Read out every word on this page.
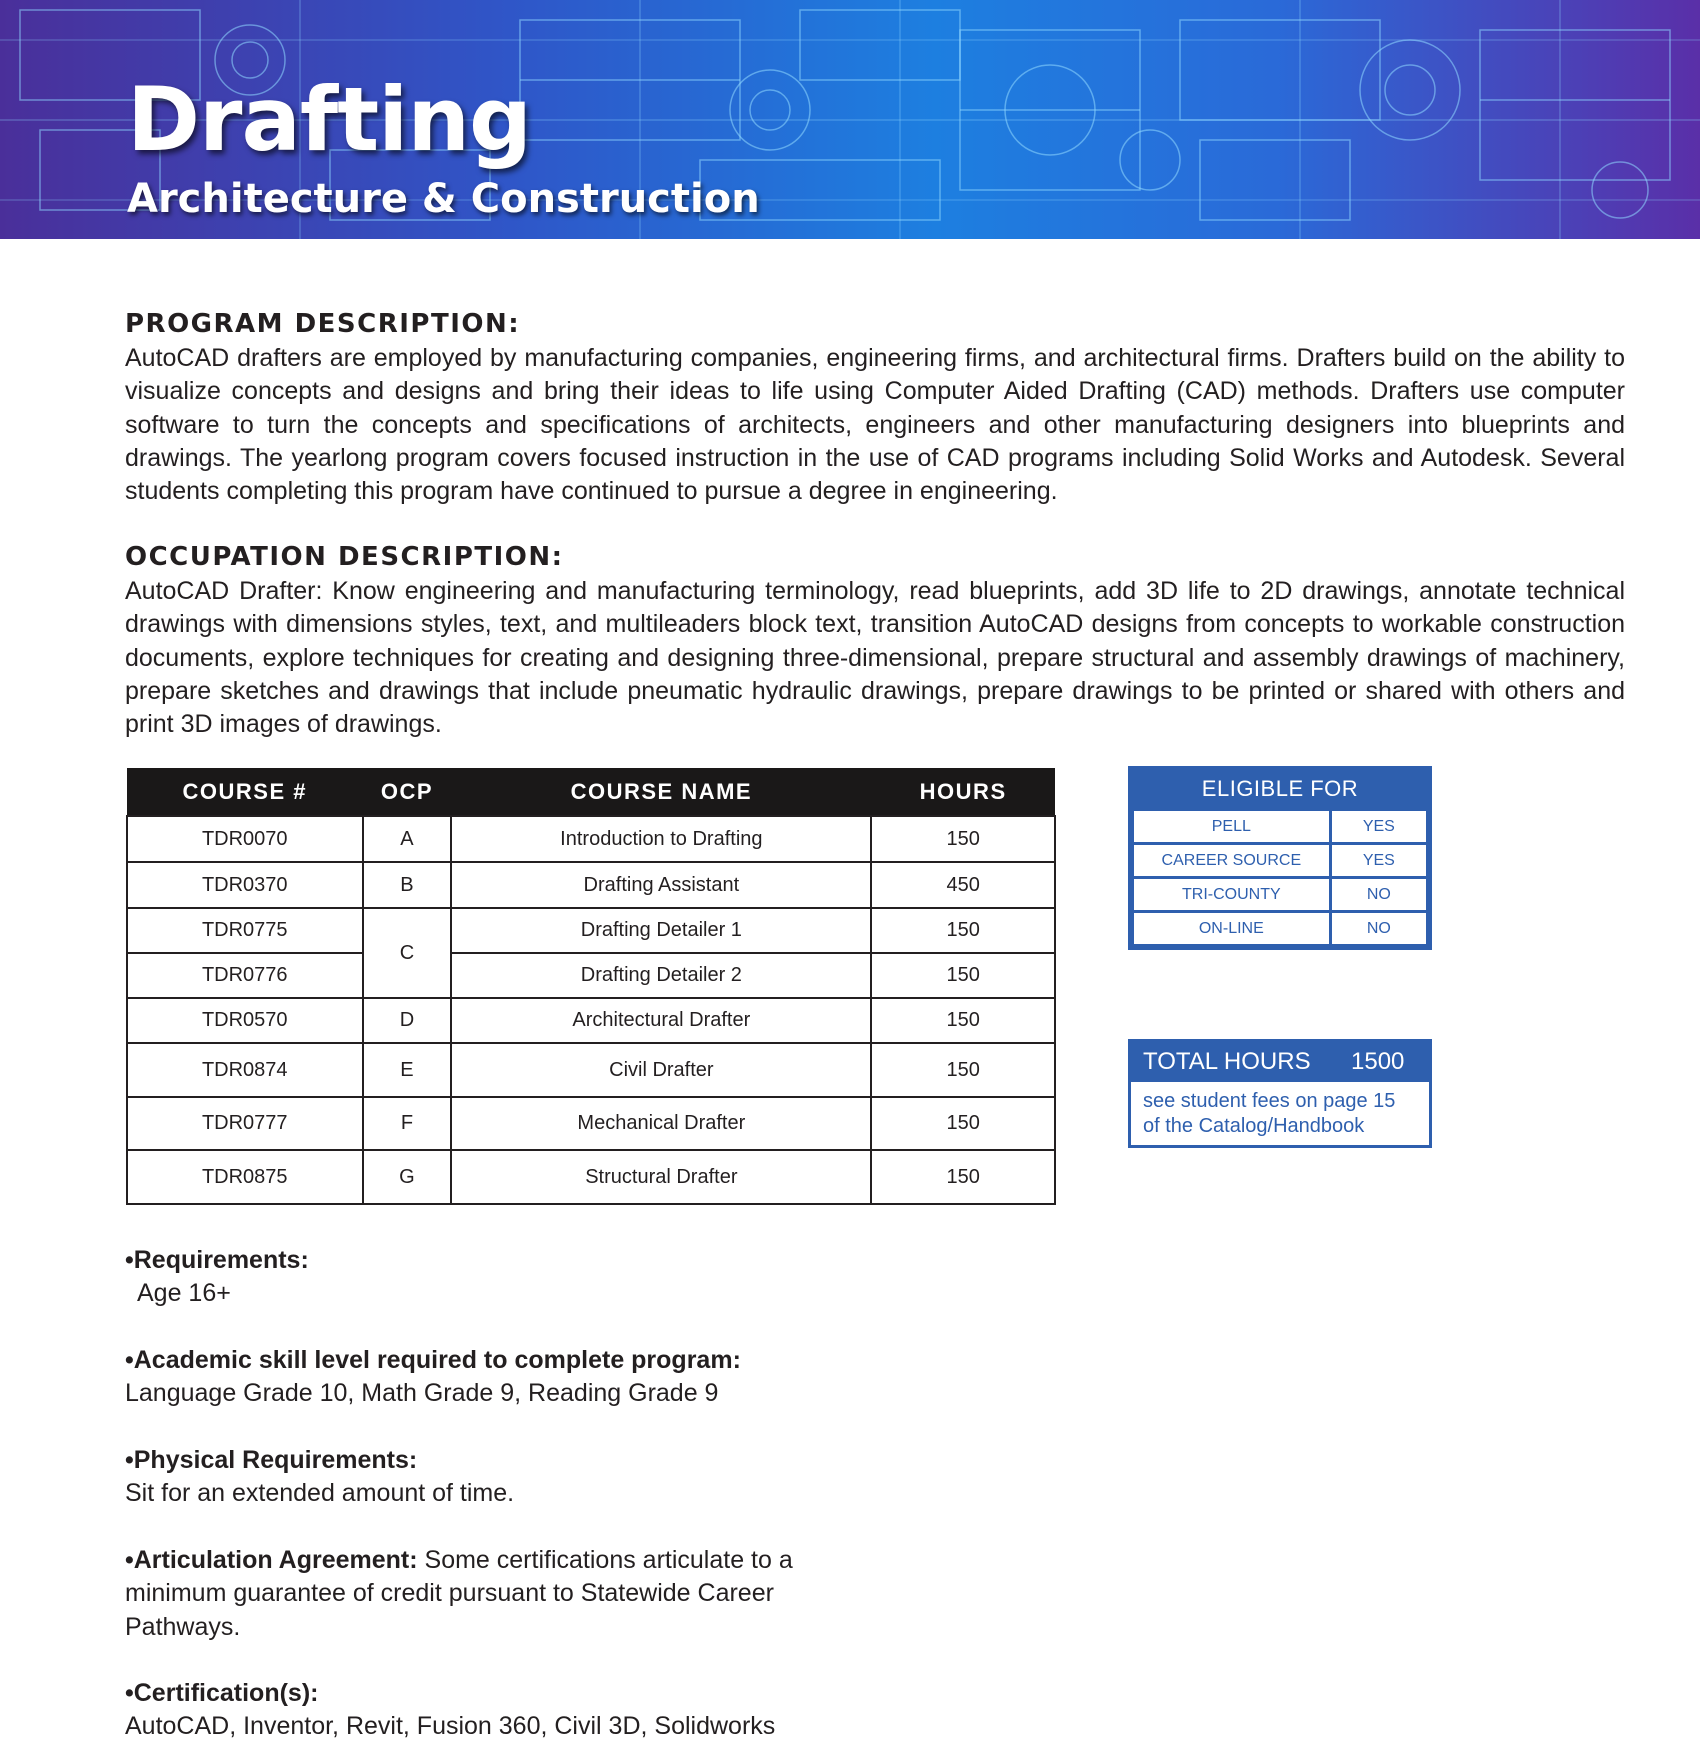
Drafting
Architecture & Construction
PROGRAM DESCRIPTION:
AutoCAD drafters are employed by manufacturing companies, engineering firms, and architectural firms. Drafters build on the ability to visualize concepts and designs and bring their ideas to life using Computer Aided Drafting (CAD) methods. Drafters use computer software to turn the concepts and specifications of architects, engineers and other manufacturing designers into blueprints and drawings. The yearlong program covers focused instruction in the use of CAD programs including Solid Works and Autodesk. Several students completing this program have continued to pursue a degree in engineering.
OCCUPATION DESCRIPTION:
AutoCAD Drafter: Know engineering and manufacturing terminology, read blueprints, add 3D life to 2D drawings, annotate technical drawings with dimensions styles, text, and multileaders block text, transition AutoCAD designs from concepts to workable construction documents, explore techniques for creating and designing three-dimensional, prepare structural and assembly drawings of machinery, prepare sketches and drawings that include pneumatic hydraulic drawings, prepare drawings to be printed or shared with others and print 3D images of drawings.
COURSE #	OCP	COURSE NAME	HOURS
TDR0070	A	Introduction to Drafting	150
TDR0370	B	Drafting Assistant	450
TDR0775	C	Drafting Detailer 1	150
TDR0776		Drafting Detailer 2	150
TDR0570	D	Architectural Drafter	150
TDR0874	E	Civil Drafter	150
TDR0777	F	Mechanical Drafter	150
TDR0875	G	Structural Drafter	150
ELIGIBLE FOR
PELL	YES
CAREER SOURCE	YES
TRI-COUNTY	NO
ON-LINE	NO
TOTAL HOURS 1500
see student fees on page 15 of the Catalog/Handbook
•Requirements:
Age 16+
•Academic skill level required to complete program:
Language Grade 10, Math Grade 9, Reading Grade 9
•Physical Requirements:
Sit for an extended amount of time.
•Articulation Agreement: Some certifications articulate to a minimum guarantee of credit pursuant to Statewide Career Pathways.
•Certification(s):
AutoCAD, Inventor, Revit, Fusion 360, Civil 3D, Solidworks
